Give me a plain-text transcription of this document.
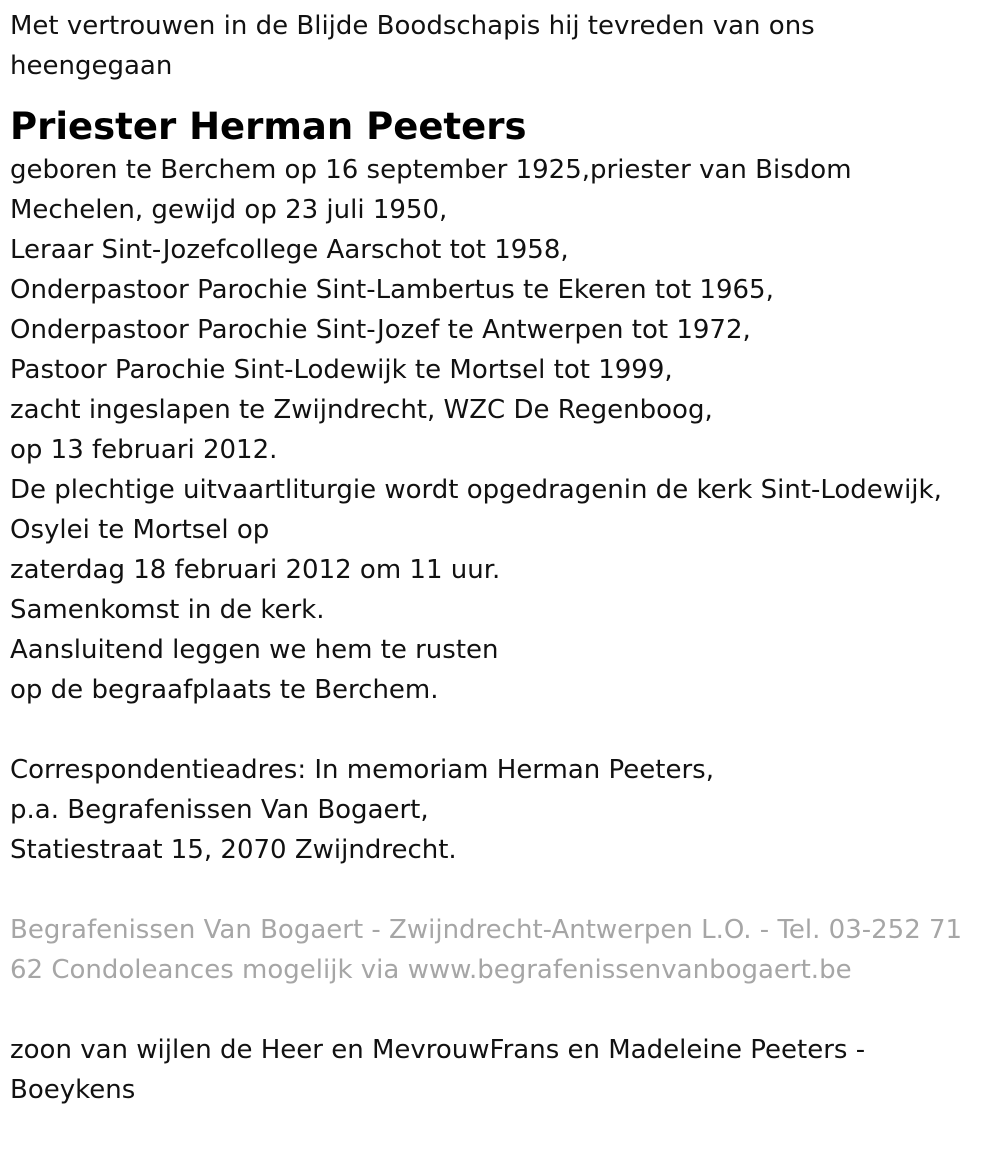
Met vertrouwen in de Blijde Boodschapis hij tevreden van ons
heengegaan

Priester Herman Peeters

geboren te Berchem op 16 september 1925,priester van Bisdom
Mechelen, gewijd op 23 juli 1950,
Leraar Sint-Jozefcollege Aarschot tot 1958,
Onderpastoor Parochie Sint-Lambertus te Ekeren tot 1965,
Onderpastoor Parochie Sint-Jozef te Antwerpen tot 1972,
Pastoor Parochie Sint-Lodewijk te Mortsel tot 1999,
zacht ingeslapen te Zwijndrecht, WZC De Regenboog,
op 13 februari 2012.
De plechtige uitvaartliturgie wordt opgedragenin de kerk Sint-Lodewijk,
Osylei te Mortsel op
zaterdag 18 februari 2012 om 11 uur.
Samenkomst in de kerk.
Aansluitend leggen we hem te rusten
op de begraafplaats te Berchem.

Correspondentieadres: In memoriam Herman Peeters,
p.a. Begrafenissen Van Bogaert,
Statiestraat 15, 2070 Zwijndrecht.

Begrafenissen Van Bogaert - Zwijndrecht-Antwerpen L.O. - Tel. 03-252 71
62 Condoleances mogelijk via www.begrafenissenvanbogaert.be

zoon van wijlen de Heer en MevrouwFrans en Madeleine Peeters -
Boeykens
